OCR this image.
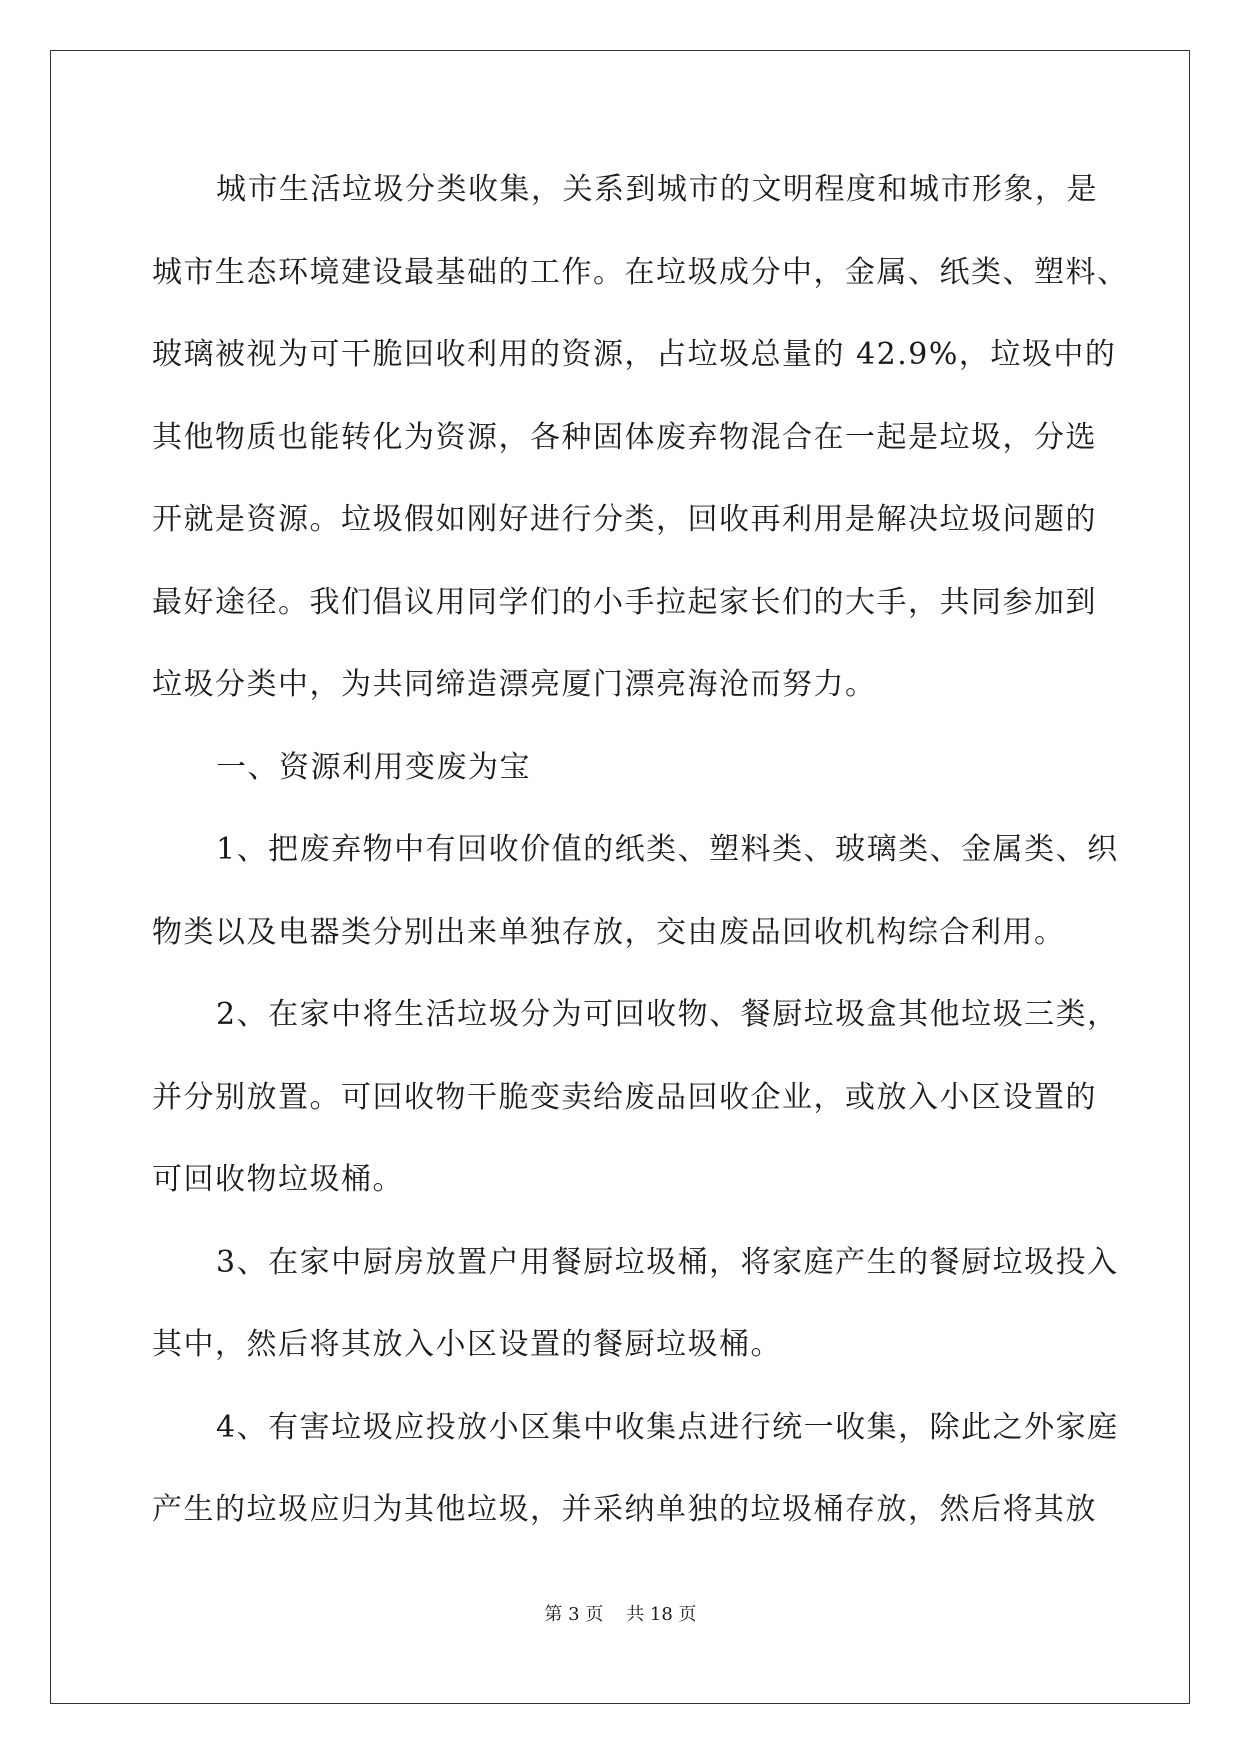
城市生活垃圾分类收集，关系到城市的文明程度和城市形象，是
城市生态环境建设最基础的工作。在垃圾成分中，金属、纸类、塑料、
玻璃被视为可干脆回收利用的资源，占垃圾总量的 42.9%，垃圾中的
其他物质也能转化为资源，各种固体废弃物混合在一起是垃圾，分选
开就是资源。垃圾假如刚好进行分类，回收再利用是解决垃圾问题的
最好途径。我们倡议用同学们的小手拉起家长们的大手，共同参加到
垃圾分类中，为共同缔造漂亮厦门漂亮海沧而努力。
一、资源利用变废为宝
1、把废弃物中有回收价值的纸类、塑料类、玻璃类、金属类、织
物类以及电器类分别出来单独存放，交由废品回收机构综合利用。
2、在家中将生活垃圾分为可回收物、餐厨垃圾盒其他垃圾三类，
并分别放置。可回收物干脆变卖给废品回收企业，或放入小区设置的
可回收物垃圾桶。
3、在家中厨房放置户用餐厨垃圾桶，将家庭产生的餐厨垃圾投入
其中，然后将其放入小区设置的餐厨垃圾桶。
4、有害垃圾应投放小区集中收集点进行统一收集，除此之外家庭
产生的垃圾应归为其他垃圾，并采纳单独的垃圾桶存放，然后将其放
第 3 页    共 18 页
